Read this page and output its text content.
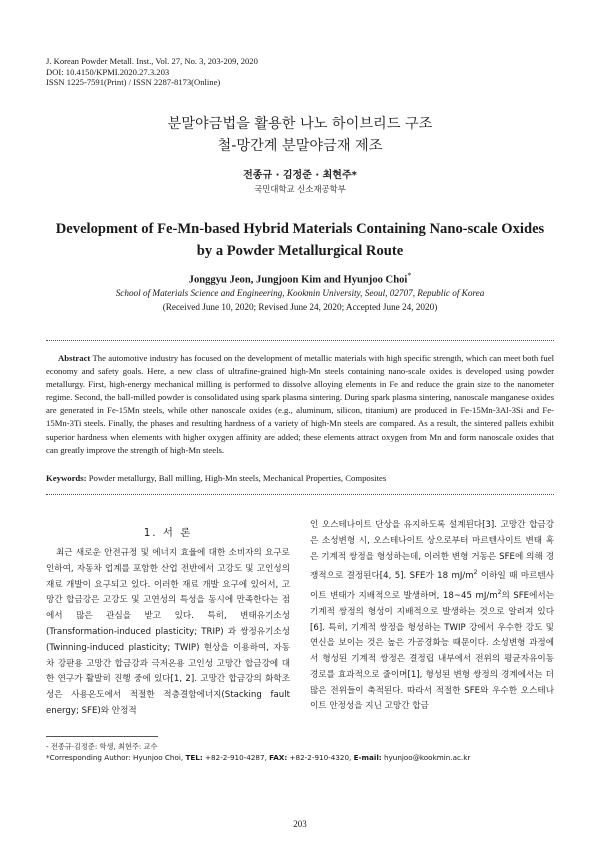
J. Korean Powder Metall. Inst., Vol. 27, No. 3, 203-209, 2020
DOI: 10.4150/KPMI.2020.27.3.203
ISSN 1225-7591(Print) / ISSN 2287-8173(Online)
분말야금법을 활용한 나노 하이브리드 구조
철-망간계 분말야금재 제조
전종규 · 김정준 · 최현주*
국민대학교 신소재공학부
Development of Fe-Mn-based Hybrid Materials Containing Nano-scale Oxides
by a Powder Metallurgical Route
Jonggyu Jeon, Jungjoon Kim and Hyunjoo Choi*
School of Materials Science and Engineering, Kookmin University, Seoul, 02707, Republic of Korea
(Received June 10, 2020; Revised June 24, 2020; Accepted June 24, 2020)

Abstract The automotive industry has focused on the development of metallic materials with high specific strength, which can meet both fuel economy and safety goals. Here, a new class of ultrafine-grained high-Mn steels containing nano-scale oxides is developed using powder metallurgy. First, high-energy mechanical milling is performed to dissolve alloying elements in Fe and reduce the grain size to the nanometer regime. Second, the ball-milled powder is consolidated using spark plasma sintering. During spark plasma sintering, nanoscale manganese oxides are generated in Fe-15Mn steels, while other nanoscale oxides (e.g., aluminum, silicon, titanium) are produced in Fe-15Mn-3Al-3Si and Fe-15Mn-3Ti steels. Finally, the phases and resulting hardness of a variety of high-Mn steels are compared. As a result, the sintered pallets exhibit superior hardness when elements with higher oxygen affinity are added; these elements attract oxygen from Mn and form nanoscale oxides that can greatly improve the strength of high-Mn steels.

Keywords: Powder metallurgy, Ball milling, High-Mn steels, Mechanical Properties, Composites
1. 서 론

최근 새로운 안전규정 및 에너지 효율에 대한 소비자의 요구로 인하여, 자동차 업계를 포함한 산업 전반에서 고강도 및 고인성의 재료 개발이 요구되고 있다. 이러한 재료 개발 요구에 있어서, 고망간 합금강은 고강도 및 고연성의 특성을 동시에 만족한다는 점에서 많은 관심을 받고 있다. 특히, 변태유기소성(Transformation-induced plasticity; TRIP) 과 쌍정유기소성(Twinning-induced plasticity; TWIP) 현상을 이용하여, 자동차 강판용 고망간 합금강과 극저온용 고인성 고망간 합금강에 대한 연구가 활발히 진행 중에 있다[1, 2]. 고망간 합금강의 화학조성은 사용온도에서 적절한 적층결함에너지(Stacking fault energy; SFE)와 안정적

인 오스테나이트 단상을 유지하도록 설계된다[3]. 고망간 합금강은 소성변형 시, 오스테나이트 상으로부터 마르텐사이트 변태 혹은 기계적 쌍정을 형성하는데, 이러한 변형 거동은 SFE에 의해 경쟁적으로 결정된다[4, 5]. SFE가 18 $mJ/m^2$ 이하일 때 마르텐사이트 변태가 지배적으로 발생하며, 18~45 $mJ/m^2$의 SFE에서는 기계적 쌍정의 형성이 지배적으로 발생하는 것으로 알려져 있다[6]. 특히, 기계적 쌍정을 형성하는 TWIP 강에서 우수한 강도 및 연신을 보이는 것은 높은 가공경화능 때문이다. 소성변형 과정에서 형성된 기계적 쌍정은 결정립 내부에서 전위의 평균자유이동 경로를 효과적으로 줄이며[1], 형성된 변형 쌍정의 경계에서는 더 많은 전위들이 축적된다. 따라서 적절한 SFE와 우수한 오스테나이트 안정성을 지닌 고망간 합금

- 전종규·김정준: 학생, 최현주: 교수
*Corresponding Author: Hyunjoo Choi, TEL: +82-2-910-4287, FAX: +82-2-910-4320, E-mail: hyunjoo@kookmin.ac.kr
203
